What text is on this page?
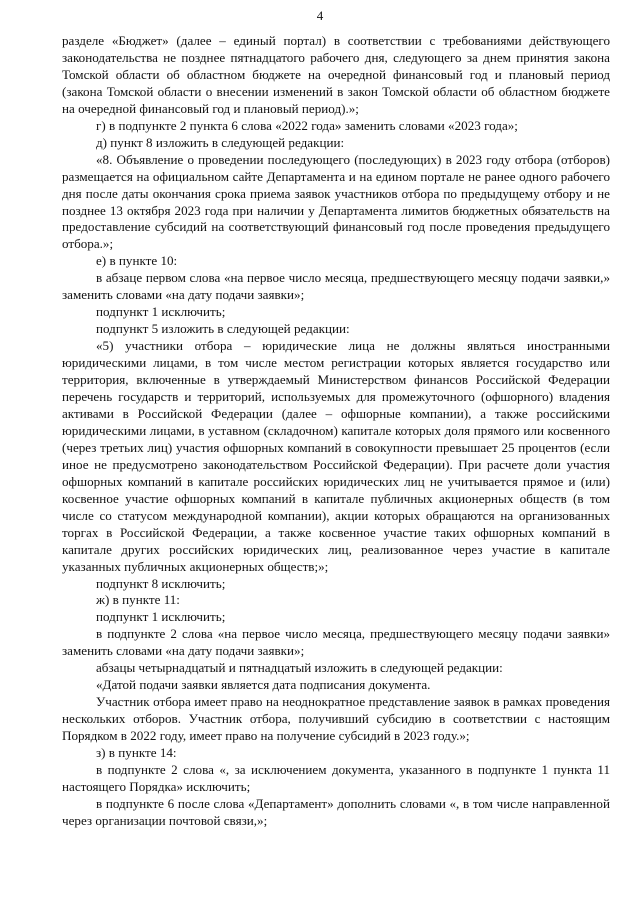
4

разделе «Бюджет» (далее – единый портал) в соответствии с требованиями действующего законодательства не позднее пятнадцатого рабочего дня, следующего за днем принятия закона Томской области об областном бюджете на очередной финансовый год и плановый период (закона Томской области о внесении изменений в закон Томской области об областном бюджете на очередной финансовый год и плановый период).»;

г) в подпункте 2 пункта 6 слова «2022 года» заменить словами «2023 года»;

д) пункт 8 изложить в следующей редакции:

«8. Объявление о проведении последующего (последующих) в 2023 году отбора (отборов) размещается на официальном сайте Департамента и на едином портале не ранее одного рабочего дня после даты окончания срока приема заявок участников отбора по предыдущему отбору и не позднее 13 октября 2023 года при наличии у Департамента лимитов бюджетных обязательств на предоставление субсидий на соответствующий финансовый год после проведения предыдущего отбора.»;

е) в пункте 10:

в абзаце первом слова «на первое число месяца, предшествующего месяцу подачи заявки,» заменить словами «на дату подачи заявки»;

подпункт 1 исключить;

подпункт 5 изложить в следующей редакции:

«5) участники отбора – юридические лица не должны являться иностранными юридическими лицами, в том числе местом регистрации которых является государство или территория, включенные в утверждаемый Министерством финансов Российской Федерации перечень государств и территорий, используемых для промежуточного (офшорного) владения активами в Российской Федерации (далее – офшорные компании), а также российскими юридическими лицами, в уставном (складочном) капитале которых доля прямого или косвенного (через третьих лиц) участия офшорных компаний в совокупности превышает 25 процентов (если иное не предусмотрено законодательством Российской Федерации). При расчете доли участия офшорных компаний в капитале российских юридических лиц не учитывается прямое и (или) косвенное участие офшорных компаний в капитале публичных акционерных обществ (в том числе со статусом международной компании), акции которых обращаются на организованных торгах в Российской Федерации, а также косвенное участие таких офшорных компаний в капитале других российских юридических лиц, реализованное через участие в капитале указанных публичных акционерных обществ;»;

подпункт 8 исключить;

ж) в пункте 11:

подпункт 1 исключить;

в подпункте 2 слова «на первое число месяца, предшествующего месяцу подачи заявки» заменить словами «на дату подачи заявки»;

абзацы четырнадцатый и пятнадцатый изложить в следующей редакции:

«Датой подачи заявки является дата подписания документа.

Участник отбора имеет право на неоднократное представление заявок в рамках проведения нескольких отборов. Участник отбора, получивший субсидию в соответствии с настоящим Порядком в 2022 году, имеет право на получение субсидий в 2023 году.»;

з) в пункте 14:

в подпункте 2 слова «, за исключением документа, указанного в подпункте 1 пункта 11 настоящего Порядка» исключить;

в подпункте 6 после слова «Департамент» дополнить словами «, в том числе направленной через организации почтовой связи,»;
